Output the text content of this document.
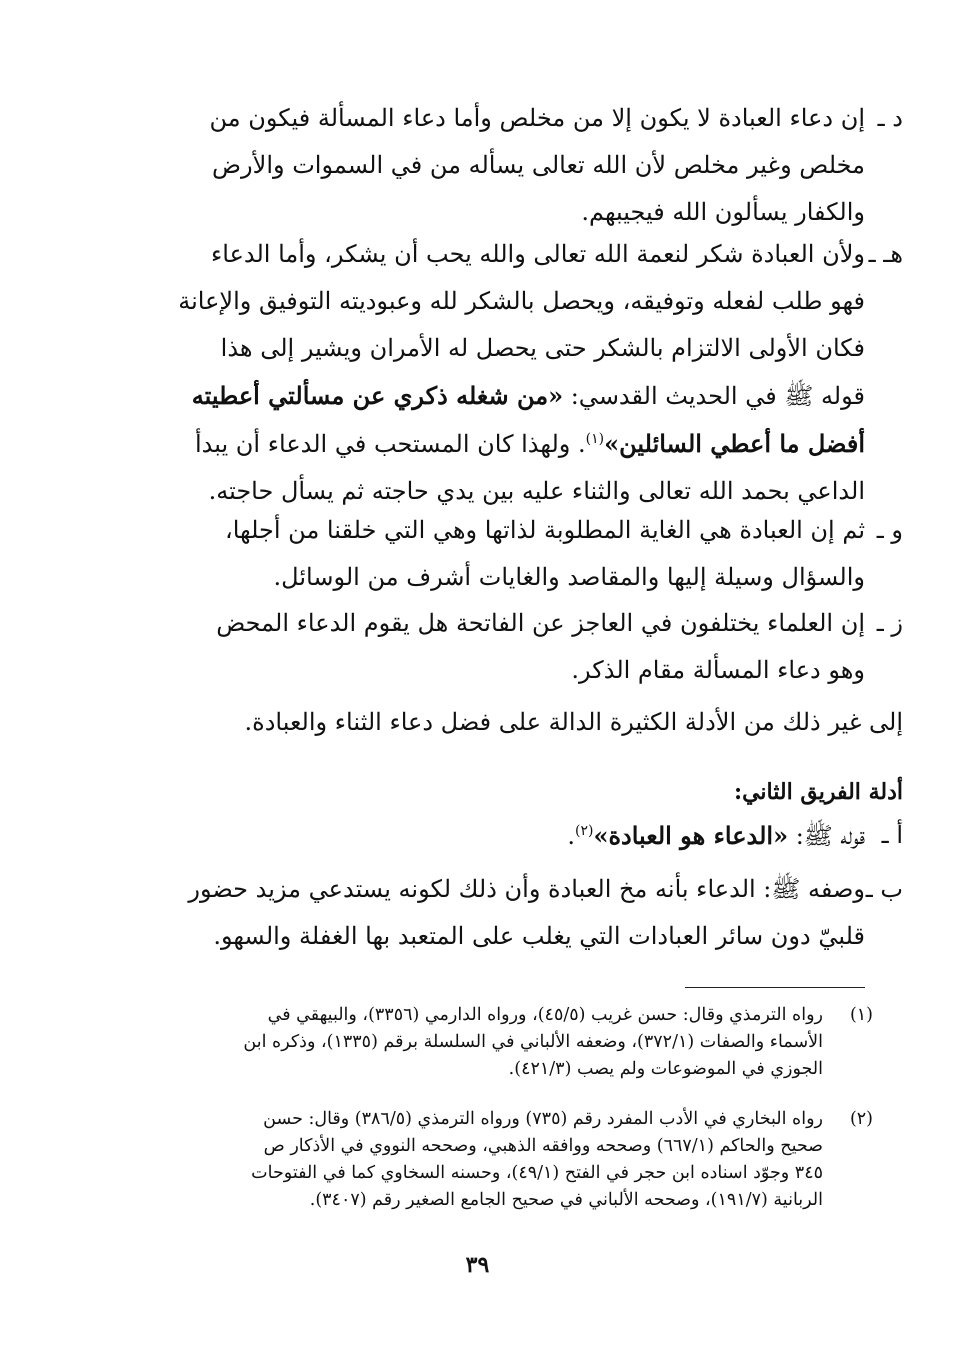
د ـ

إن دعاء العبادة لا يكون إلا من مخلص وأما دعاء المسألة فيكون من

مخلص وغير مخلص لأن الله تعالى يسأله من في السموات والأرض

والكفار يسألون الله فيجيبهم.

هـ ـ

ولأن العبادة شكر لنعمة الله تعالى والله يحب أن يشكر، وأما الدعاء

فهو طلب لفعله وتوفيقه، ويحصل بالشكر لله وعبوديته التوفيق والإعانة

فكان الأولى الالتزام بالشكر حتى يحصل له الأمران ويشير إلى هذا

قوله ﷺ في الحديث القدسي: «من شغله ذكري عن مسألتي أعطيته

أفضل ما أعطي السائلين»$^{(١)}$. ولهذا كان المستحب في الدعاء أن يبدأ

الداعي بحمد الله تعالى والثناء عليه بين يدي حاجته ثم يسأل حاجته.

و ـ

ثم إن العبادة هي الغاية المطلوبة لذاتها وهي التي خلقنا من أجلها،

والسؤال وسيلة إليها والمقاصد والغايات أشرف من الوسائل.

ز ـ

إن العلماء يختلفون في العاجز عن الفاتحة هل يقوم الدعاء المحض

وهو دعاء المسألة مقام الذكر.

إلى غير ذلك من الأدلة الكثيرة الدالة على فضل دعاء الثناء والعبادة.
أدلة الفريق الثاني:
أ ـ

قوله ﷺ: «الدعاء هو العبادة»$^{(٢)}$.

ب ـ

وصفه ﷺ: الدعاء بأنه مخ العبادة وأن ذلك لكونه يستدعي مزيد حضور

قلبيّ دون سائر العبادات التي يغلب على المتعبد بها الغفلة والسهو.

(١)

رواه الترمذي وقال: حسن غريب (٤٥/٥)، ورواه الدارمي (٣٣٥٦)، والبيهقي في

الأسماء والصفات (٣٧٢/١)، وضعفه الألباني في السلسلة برقم (١٣٣٥)، وذكره ابن

الجوزي في الموضوعات ولم يصب (٤٢١/٣).

(٢)

رواه البخاري في الأدب المفرد رقم (٧٣٥) ورواه الترمذي (٣٨٦/٥) وقال: حسن

صحيح والحاكم (٦٦٧/١) وصححه ووافقه الذهبي، وصححه النووي في الأذكار ص

٣٤٥ وجوّد اسناده ابن حجر في الفتح (٤٩/١)، وحسنه السخاوي كما في الفتوحات

الربانية (١٩١/٧)، وصححه الألباني في صحيح الجامع الصغير رقم (٣٤٠٧).

٣٩
